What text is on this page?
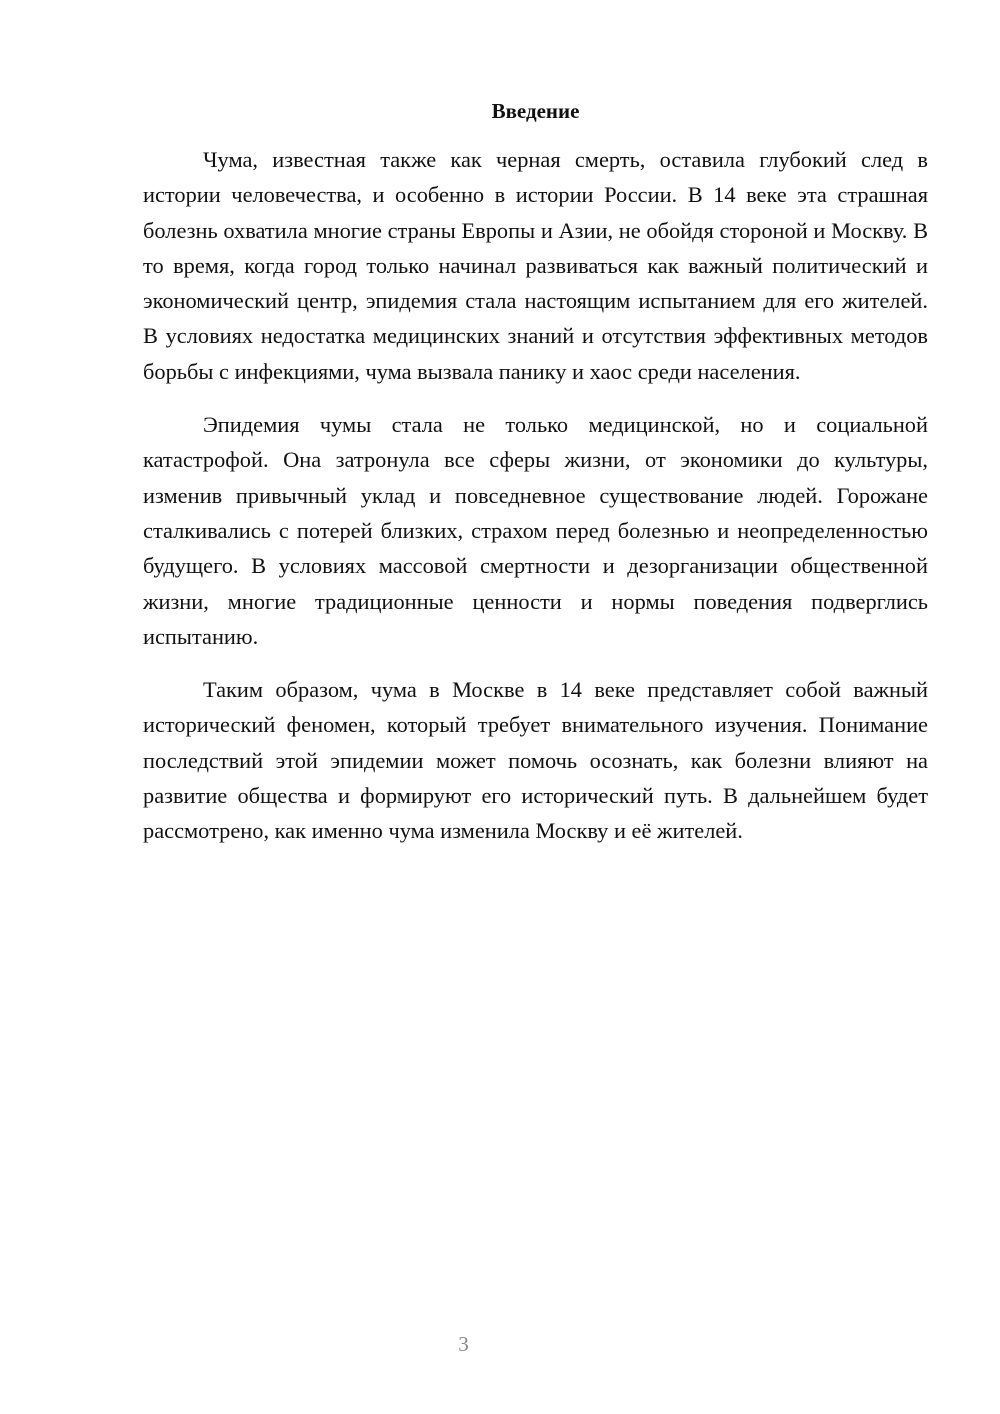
Введение

Чума, известная также как черная смерть, оставила глубокий след в истории человечества, и особенно в истории России. В 14 веке эта страшная болезнь охватила многие страны Европы и Азии, не обойдя стороной и Москву. В то время, когда город только начинал развиваться как важный политический и экономический центр, эпидемия стала настоящим испытанием для его жителей. В условиях недостатка медицинских знаний и отсутствия эффективных методов борьбы с инфекциями, чума вызвала панику и хаос среди населения.

Эпидемия чумы стала не только медицинской, но и социальной катастрофой. Она затронула все сферы жизни, от экономики до культуры, изменив привычный уклад и повседневное существование людей. Горожане сталкивались с потерей близких, страхом перед болезнью и неопределенностью будущего. В условиях массовой смертности и дезорганизации общественной жизни, многие традиционные ценности и нормы поведения подверглись испытанию.

Таким образом, чума в Москве в 14 веке представляет собой важный исторический феномен, который требует внимательного изучения. Понимание последствий этой эпидемии может помочь осознать, как болезни влияют на развитие общества и формируют его исторический путь. В дальнейшем будет рассмотрено, как именно чума изменила Москву и её жителей.

3
